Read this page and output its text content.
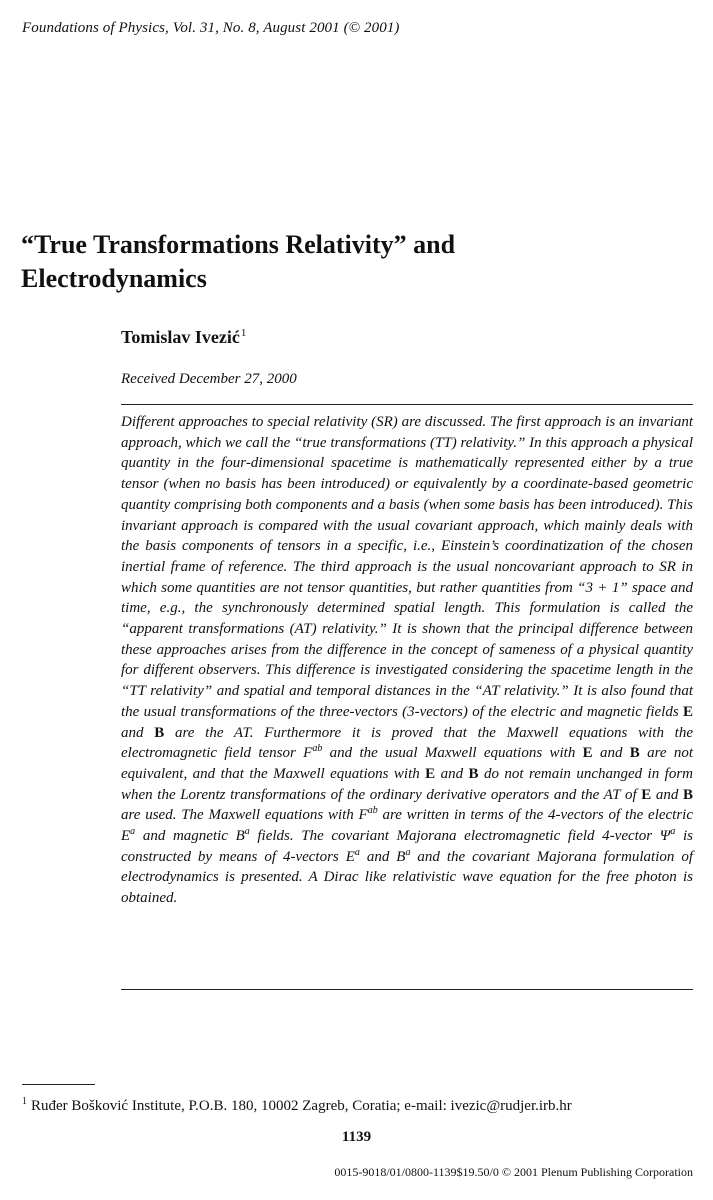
Foundations of Physics, Vol. 31, No. 8, August 2001 (© 2001)
“True Transformations Relativity” and
Electrodynamics
Tomislav Ivezić$^1$
Received December 27, 2000

Different approaches to special relativity (SR) are discussed. The first approach is an invariant approach, which we call the “true transformations (TT) relativity.” In this approach a physical quantity in the four-dimensional spacetime is mathematically represented either by a true tensor (when no basis has been introduced) or equivalently by a coordinate-based geometric quantity comprising both components and a basis (when some basis has been introduced). This invariant approach is compared with the usual covariant approach, which mainly deals with the basis components of tensors in a specific, i.e., Einstein’s coordinatization of the chosen inertial frame of reference. The third approach is the usual noncovariant approach to SR in which some quantities are not tensor quantities, but rather quantities from “3 + 1” space and time, e.g., the synchronously determined spatial length. This formulation is called the “apparent transformations (AT) relativity.” It is shown that the principal difference between these approaches arises from the difference in the concept of sameness of a physical quantity for different observers. This difference is investigated considering the spacetime length in the “TT relativity” and spatial and temporal distances in the “AT relativity.” It is also found that the usual transformations of the three-vectors (3-vectors) of the electric and magnetic fields E and B are the AT. Furthermore it is proved that the Maxwell equations with the electromagnetic field tensor $F^{ab}$ and the usual Maxwell equations with E and B are not equivalent, and that the Maxwell equations with E and B do not remain unchanged in form when the Lorentz transformations of the ordinary derivative operators and the AT of E and B are used. The Maxwell equations with $F^{ab}$ are written in terms of the 4-vectors of the electric $E^a$ and magnetic $B^a$ fields. The covariant Majorana electromagnetic field 4-vector $\Psi^a$ is constructed by means of 4-vectors $E^a$ and $B^a$ and the covariant Majorana formulation of electrodynamics is presented. A Dirac like relativistic wave equation for the free photon is obtained.

$^1$ Ruđer Bošković Institute, P.O.B. 180, 10002 Zagreb, Coratia; e-mail: ivezic@rudjer.irb.hr
1139
0015-9018/01/0800-1139$19.50/0 © 2001 Plenum Publishing Corporation
